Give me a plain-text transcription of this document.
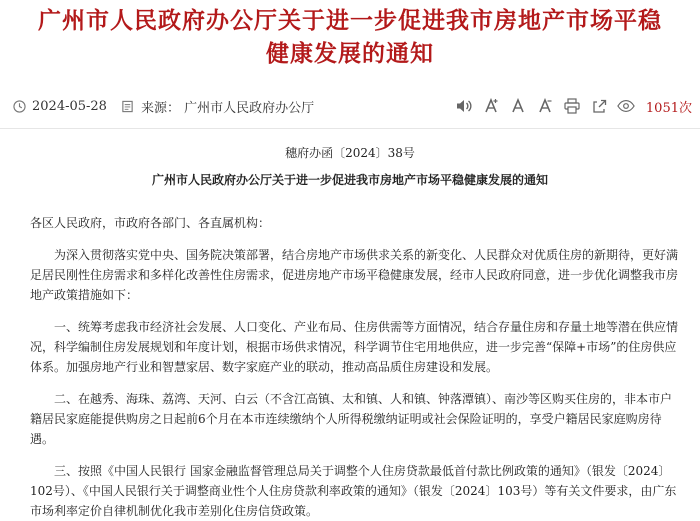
广州市人民政府办公厅关于进一步促进我市房地产市场平稳
健康发展的通知
2024-05-28	来源： 广州市人民政府办公厅	1051次
穗府办函〔2024〕38号
广州市人民政府办公厅关于进一步促进我市房地产市场平稳健康发展的通知

各区人民政府，市政府各部门、各直属机构：

为深入贯彻落实党中央、国务院决策部署，结合房地产市场供求关系的新变化、人民群众对优质住房的新期待，更好满足居民刚性住房需求和多样化改善性住房需求，促进房地产市场平稳健康发展，经市人民政府同意，进一步优化调整我市房地产政策措施如下：

一、统筹考虑我市经济社会发展、人口变化、产业布局、住房供需等方面情况，结合存量住房和存量土地等潜在供应情况，科学编制住房发展规划和年度计划，根据市场供求情况，科学调节住宅用地供应，进一步完善“保障+市场”的住房供应体系。加强房地产行业和智慧家居、数字家庭产业的联动，推动高品质住房建设和发展。

二、在越秀、海珠、荔湾、天河、白云（不含江高镇、太和镇、人和镇、钟落潭镇）、南沙等区购买住房的，非本市户籍居民家庭能提供购房之日起前6个月在本市连续缴纳个人所得税缴纳证明或社会保险证明的，享受户籍居民家庭购房待遇。

三、按照《中国人民银行 国家金融监督管理总局关于调整个人住房贷款最低首付款比例政策的通知》（银发〔2024〕102号）、《中国人民银行关于调整商业性个人住房贷款利率政策的通知》（银发〔2024〕103号）等有关文件要求，由广东市场利率定价自律机制优化我市差别化住房信贷政策。
